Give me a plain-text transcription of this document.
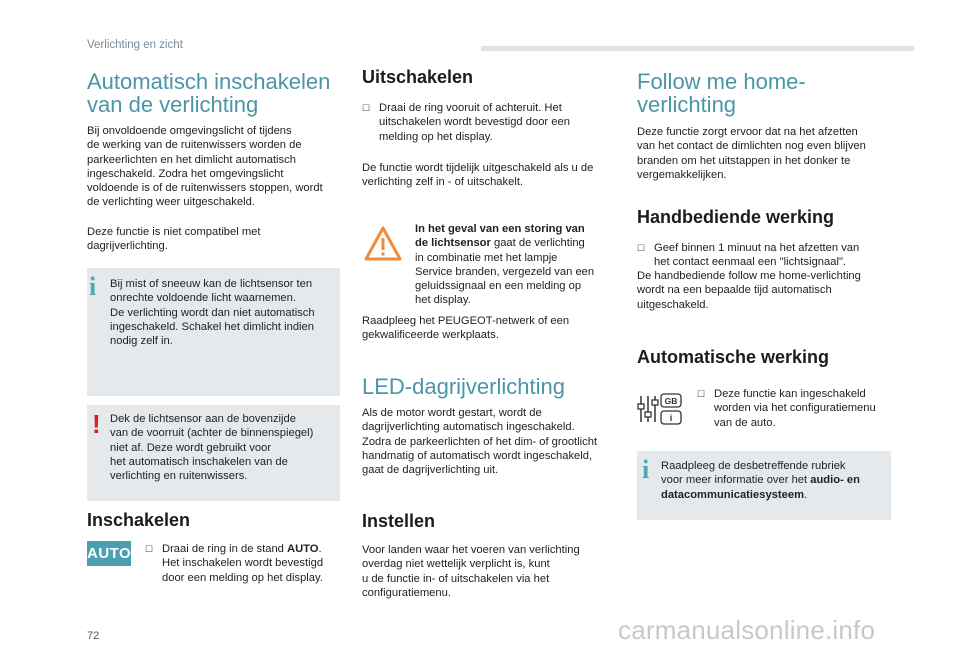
Verlichting en zicht
Automatisch inschakelen
van de verlichting
Bij onvoldoende omgevingslicht of tijdens
de werking van de ruitenwissers worden de
parkeerlichten en het dimlicht automatisch
ingeschakeld. Zodra het omgevingslicht
voldoende is of de ruitenwissers stoppen, wordt
de verlichting weer uitgeschakeld.
Deze functie is niet compatibel met
dagrijverlichting.
i Bij mist of sneeuw kan de lichtsensor ten
onrechte voldoende licht waarnemen.
De verlichting wordt dan niet automatisch
ingeschakeld. Schakel het dimlicht indien
nodig zelf in.
! Dek de lichtsensor aan de bovenzijde
van de voorruit (achter de binnenspiegel)
niet af. Deze wordt gebruikt voor
het automatisch inschakelen van de
verlichting en ruitenwissers.
Inschakelen
AUTO ☐ Draai de ring in de stand AUTO.
Het inschakelen wordt bevestigd
door een melding op het display.
Uitschakelen
☐ Draai de ring vooruit of achteruit. Het
uitschakelen wordt bevestigd door een
melding op het display.
De functie wordt tijdelijk uitgeschakeld als u de
verlichting zelf in - of uitschakelt.
In het geval van een storing van
de lichtsensor gaat de verlichting
in combinatie met het lampje
Service branden, vergezeld van een
geluidssignaal en een melding op
het display.
Raadpleeg het PEUGEOT-netwerk of een
gekwalificeerde werkplaats.
LED-dagrijverlichting
Als de motor wordt gestart, wordt de
dagrijverlichting automatisch ingeschakeld.
Zodra de parkeerlichten of het dim- of grootlicht
handmatig of automatisch wordt ingeschakeld,
gaat de dagrijverlichting uit.
Instellen
Voor landen waar het voeren van verlichting
overdag niet wettelijk verplicht is, kunt
u de functie in- of uitschakelen via het
configuratiemenu.
Follow me home-
verlichting
Deze functie zorgt ervoor dat na het afzetten
van het contact de dimlichten nog even blijven
branden om het uitstappen in het donker te
vergemakkelijken.
Handbediende werking
☐ Geef binnen 1 minuut na het afzetten van
het contact eenmaal een "lichtsignaal".
De handbediende follow me home-verlichting
wordt na een bepaalde tijd automatisch
uitgeschakeld.
Automatische werking
GB
i
☐ Deze functie kan ingeschakeld
worden via het configuratiemenu
van de auto.
i Raadpleeg de desbetreffende rubriek
voor meer informatie over het audio- en
datacommunicatiesysteem.
72	carmanualsonline.info
